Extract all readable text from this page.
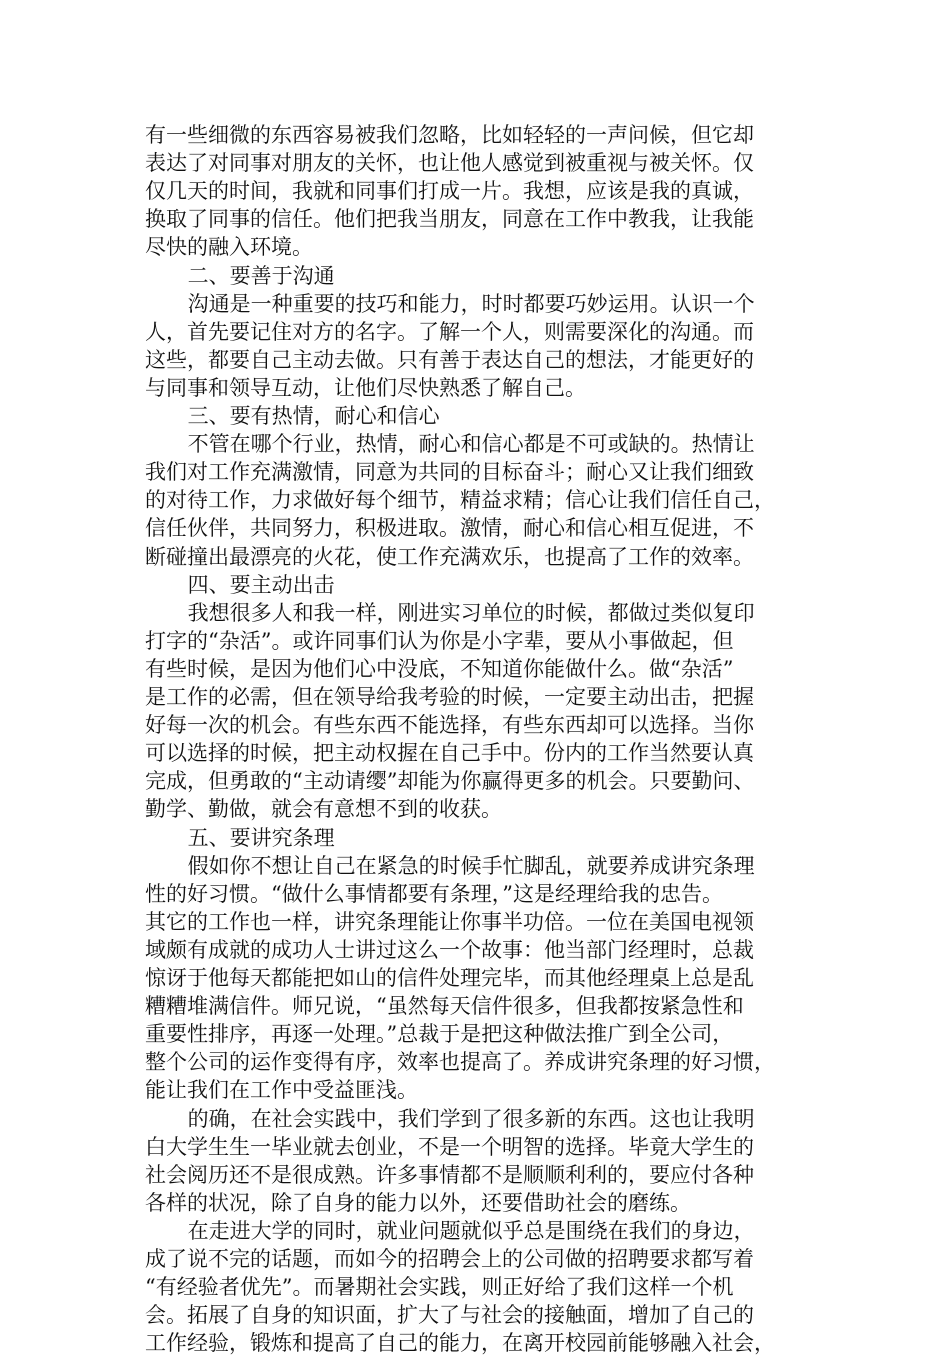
有一些细微的东西容易被我们忽略，比如轻轻的一声问候，但它却
表达了对同事对朋友的关怀，也让他人感觉到被重视与被关怀。仅
仅几天的时间，我就和同事们打成一片。我想，应该是我的真诚，
换取了同事的信任。他们把我当朋友，同意在工作中教我，让我能
尽快的融入环境。
二、要善于沟通
沟通是一种重要的技巧和能力，时时都要巧妙运用。认识一个
人，首先要记住对方的名字。了解一个人，则需要深化的沟通。而
这些，都要自己主动去做。只有善于表达自己的想法，才能更好的
与同事和领导互动，让他们尽快熟悉了解自己。
三、要有热情，耐心和信心
不管在哪个行业，热情，耐心和信心都是不可或缺的。热情让
我们对工作充满激情，同意为共同的目标奋斗；耐心又让我们细致
的对待工作，力求做好每个细节，精益求精；信心让我们信任自己，
信任伙伴，共同努力，积极进取。激情，耐心和信心相互促进，不
断碰撞出最漂亮的火花，使工作充满欢乐，也提高了工作的效率。
四、要主动出击
我想很多人和我一样，刚进实习单位的时候，都做过类似复印
打字的“杂活”。或许同事们认为你是小字辈，要从小事做起，但
有些时候，是因为他们心中没底，不知道你能做什么。做“杂活”
是工作的必需，但在领导给我考验的时候，一定要主动出击，把握
好每一次的机会。有些东西不能选择，有些东西却可以选择。当你
可以选择的时候，把主动权握在自己手中。份内的工作当然要认真
完成，但勇敢的“主动请缨”却能为你赢得更多的机会。只要勤问、
勤学、勤做，就会有意想不到的收获。
五、要讲究条理
假如你不想让自己在紧急的时候手忙脚乱，就要养成讲究条理
性的好习惯。“做什么事情都要有条理，”这是经理给我的忠告。
其它的工作也一样，讲究条理能让你事半功倍。一位在美国电视领
域颇有成就的成功人士讲过这么一个故事：他当部门经理时，总裁
惊讶于他每天都能把如山的信件处理完毕，而其他经理桌上总是乱
糟糟堆满信件。师兄说，“虽然每天信件很多，但我都按紧急性和
重要性排序，再逐一处理。”总裁于是把这种做法推广到全公司，
整个公司的运作变得有序，效率也提高了。养成讲究条理的好习惯，
能让我们在工作中受益匪浅。
的确，在社会实践中，我们学到了很多新的东西。这也让我明
白大学生生一毕业就去创业，不是一个明智的选择。毕竟大学生的
社会阅历还不是很成熟。许多事情都不是顺顺利利的，要应付各种
各样的状况，除了自身的能力以外，还要借助社会的磨练。
在走进大学的同时，就业问题就似乎总是围绕在我们的身边，
成了说不完的话题，而如今的招聘会上的公司做的招聘要求都写着
“有经验者优先”。而暑期社会实践，则正好给了我们这样一个机
会。拓展了自身的知识面，扩大了与社会的接触面，增加了自己的
工作经验，锻炼和提高了自己的能力，在离开校园前能够融入社会，
